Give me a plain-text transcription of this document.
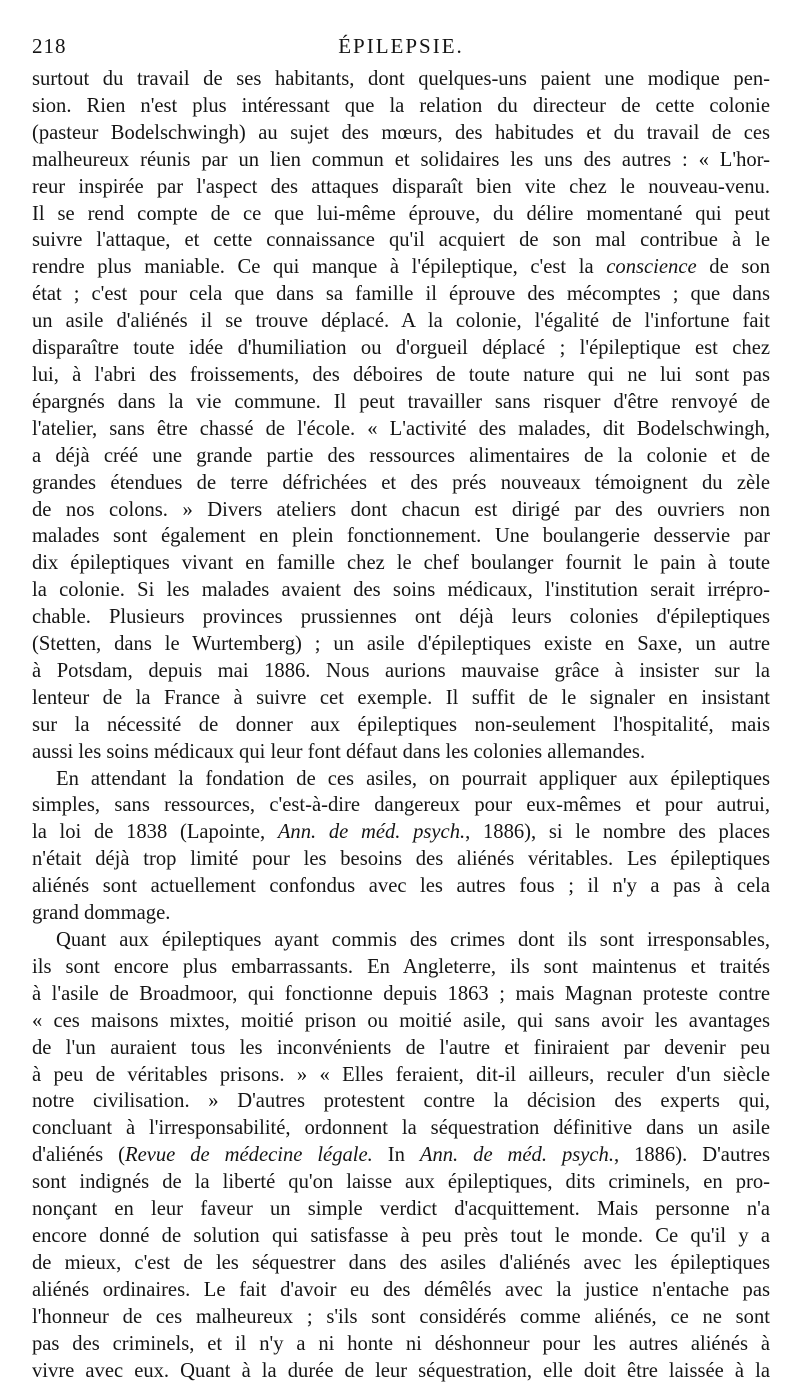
218	ÉPILEPSIE.

surtout du travail de ses habitants, dont quelques-uns paient une modique pen-
sion. Rien n'est plus intéressant que la relation du directeur de cette colonie
(pasteur Bodelschwingh) au sujet des mœurs, des habitudes et du travail de ces
malheureux réunis par un lien commun et solidaires les uns des autres : « L'hor-
reur inspirée par l'aspect des attaques disparaît bien vite chez le nouveau-venu.
Il se rend compte de ce que lui-même éprouve, du délire momentané qui peut
suivre l'attaque, et cette connaissance qu'il acquiert de son mal contribue à le
rendre plus maniable. Ce qui manque à l'épileptique, c'est la conscience de son
état ; c'est pour cela que dans sa famille il éprouve des mécomptes ; que dans
un asile d'aliénés il se trouve déplacé. A la colonie, l'égalité de l'infortune fait
disparaître toute idée d'humiliation ou d'orgueil déplacé ; l'épileptique est chez
lui, à l'abri des froissements, des déboires de toute nature qui ne lui sont pas
épargnés dans la vie commune. Il peut travailler sans risquer d'être renvoyé de
l'atelier, sans être chassé de l'école. « L'activité des malades, dit Bodelschwingh,
a déjà créé une grande partie des ressources alimentaires de la colonie et de
grandes étendues de terre défrichées et des prés nouveaux témoignent du zèle
de nos colons. » Divers ateliers dont chacun est dirigé par des ouvriers non
malades sont également en plein fonctionnement. Une boulangerie desservie par
dix épileptiques vivant en famille chez le chef boulanger fournit le pain à toute
la colonie. Si les malades avaient des soins médicaux, l'institution serait irrépro-
chable. Plusieurs provinces prussiennes ont déjà leurs colonies d'épileptiques
(Stetten, dans le Wurtemberg) ; un asile d'épileptiques existe en Saxe, un autre
à Potsdam, depuis mai 1886. Nous aurions mauvaise grâce à insister sur la
lenteur de la France à suivre cet exemple. Il suffit de le signaler en insistant
sur la nécessité de donner aux épileptiques non-seulement l'hospitalité, mais
aussi les soins médicaux qui leur font défaut dans les colonies allemandes.

En attendant la fondation de ces asiles, on pourrait appliquer aux épileptiques
simples, sans ressources, c'est-à-dire dangereux pour eux-mêmes et pour autrui,
la loi de 1838 (Lapointe, Ann. de méd. psych., 1886), si le nombre des places
n'était déjà trop limité pour les besoins des aliénés véritables. Les épileptiques
aliénés sont actuellement confondus avec les autres fous ; il n'y a pas à cela
grand dommage.

Quant aux épileptiques ayant commis des crimes dont ils sont irresponsables,
ils sont encore plus embarrassants. En Angleterre, ils sont maintenus et traités
à l'asile de Broadmoor, qui fonctionne depuis 1863 ; mais Magnan proteste contre
« ces maisons mixtes, moitié prison ou moitié asile, qui sans avoir les avantages
de l'un auraient tous les inconvénients de l'autre et finiraient par devenir peu
à peu de véritables prisons. » « Elles feraient, dit-il ailleurs, reculer d'un siècle
notre civilisation. » D'autres protestent contre la décision des experts qui,
concluant à l'irresponsabilité, ordonnent la séquestration définitive dans un asile
d'aliénés (Revue de médecine légale. In Ann. de méd. psych., 1886). D'autres
sont indignés de la liberté qu'on laisse aux épileptiques, dits criminels, en pro-
nonçant en leur faveur un simple verdict d'acquittement. Mais personne n'a
encore donné de solution qui satisfasse à peu près tout le monde. Ce qu'il y a
de mieux, c'est de les séquestrer dans des asiles d'aliénés avec les épileptiques
aliénés ordinaires. Le fait d'avoir eu des démêlés avec la justice n'entache pas
l'honneur de ces malheureux ; s'ils sont considérés comme aliénés, ce ne sont
pas des criminels, et il n'y a ni honte ni déshonneur pour les autres aliénés à
vivre avec eux. Quant à la durée de leur séquestration, elle doit être laissée à la
